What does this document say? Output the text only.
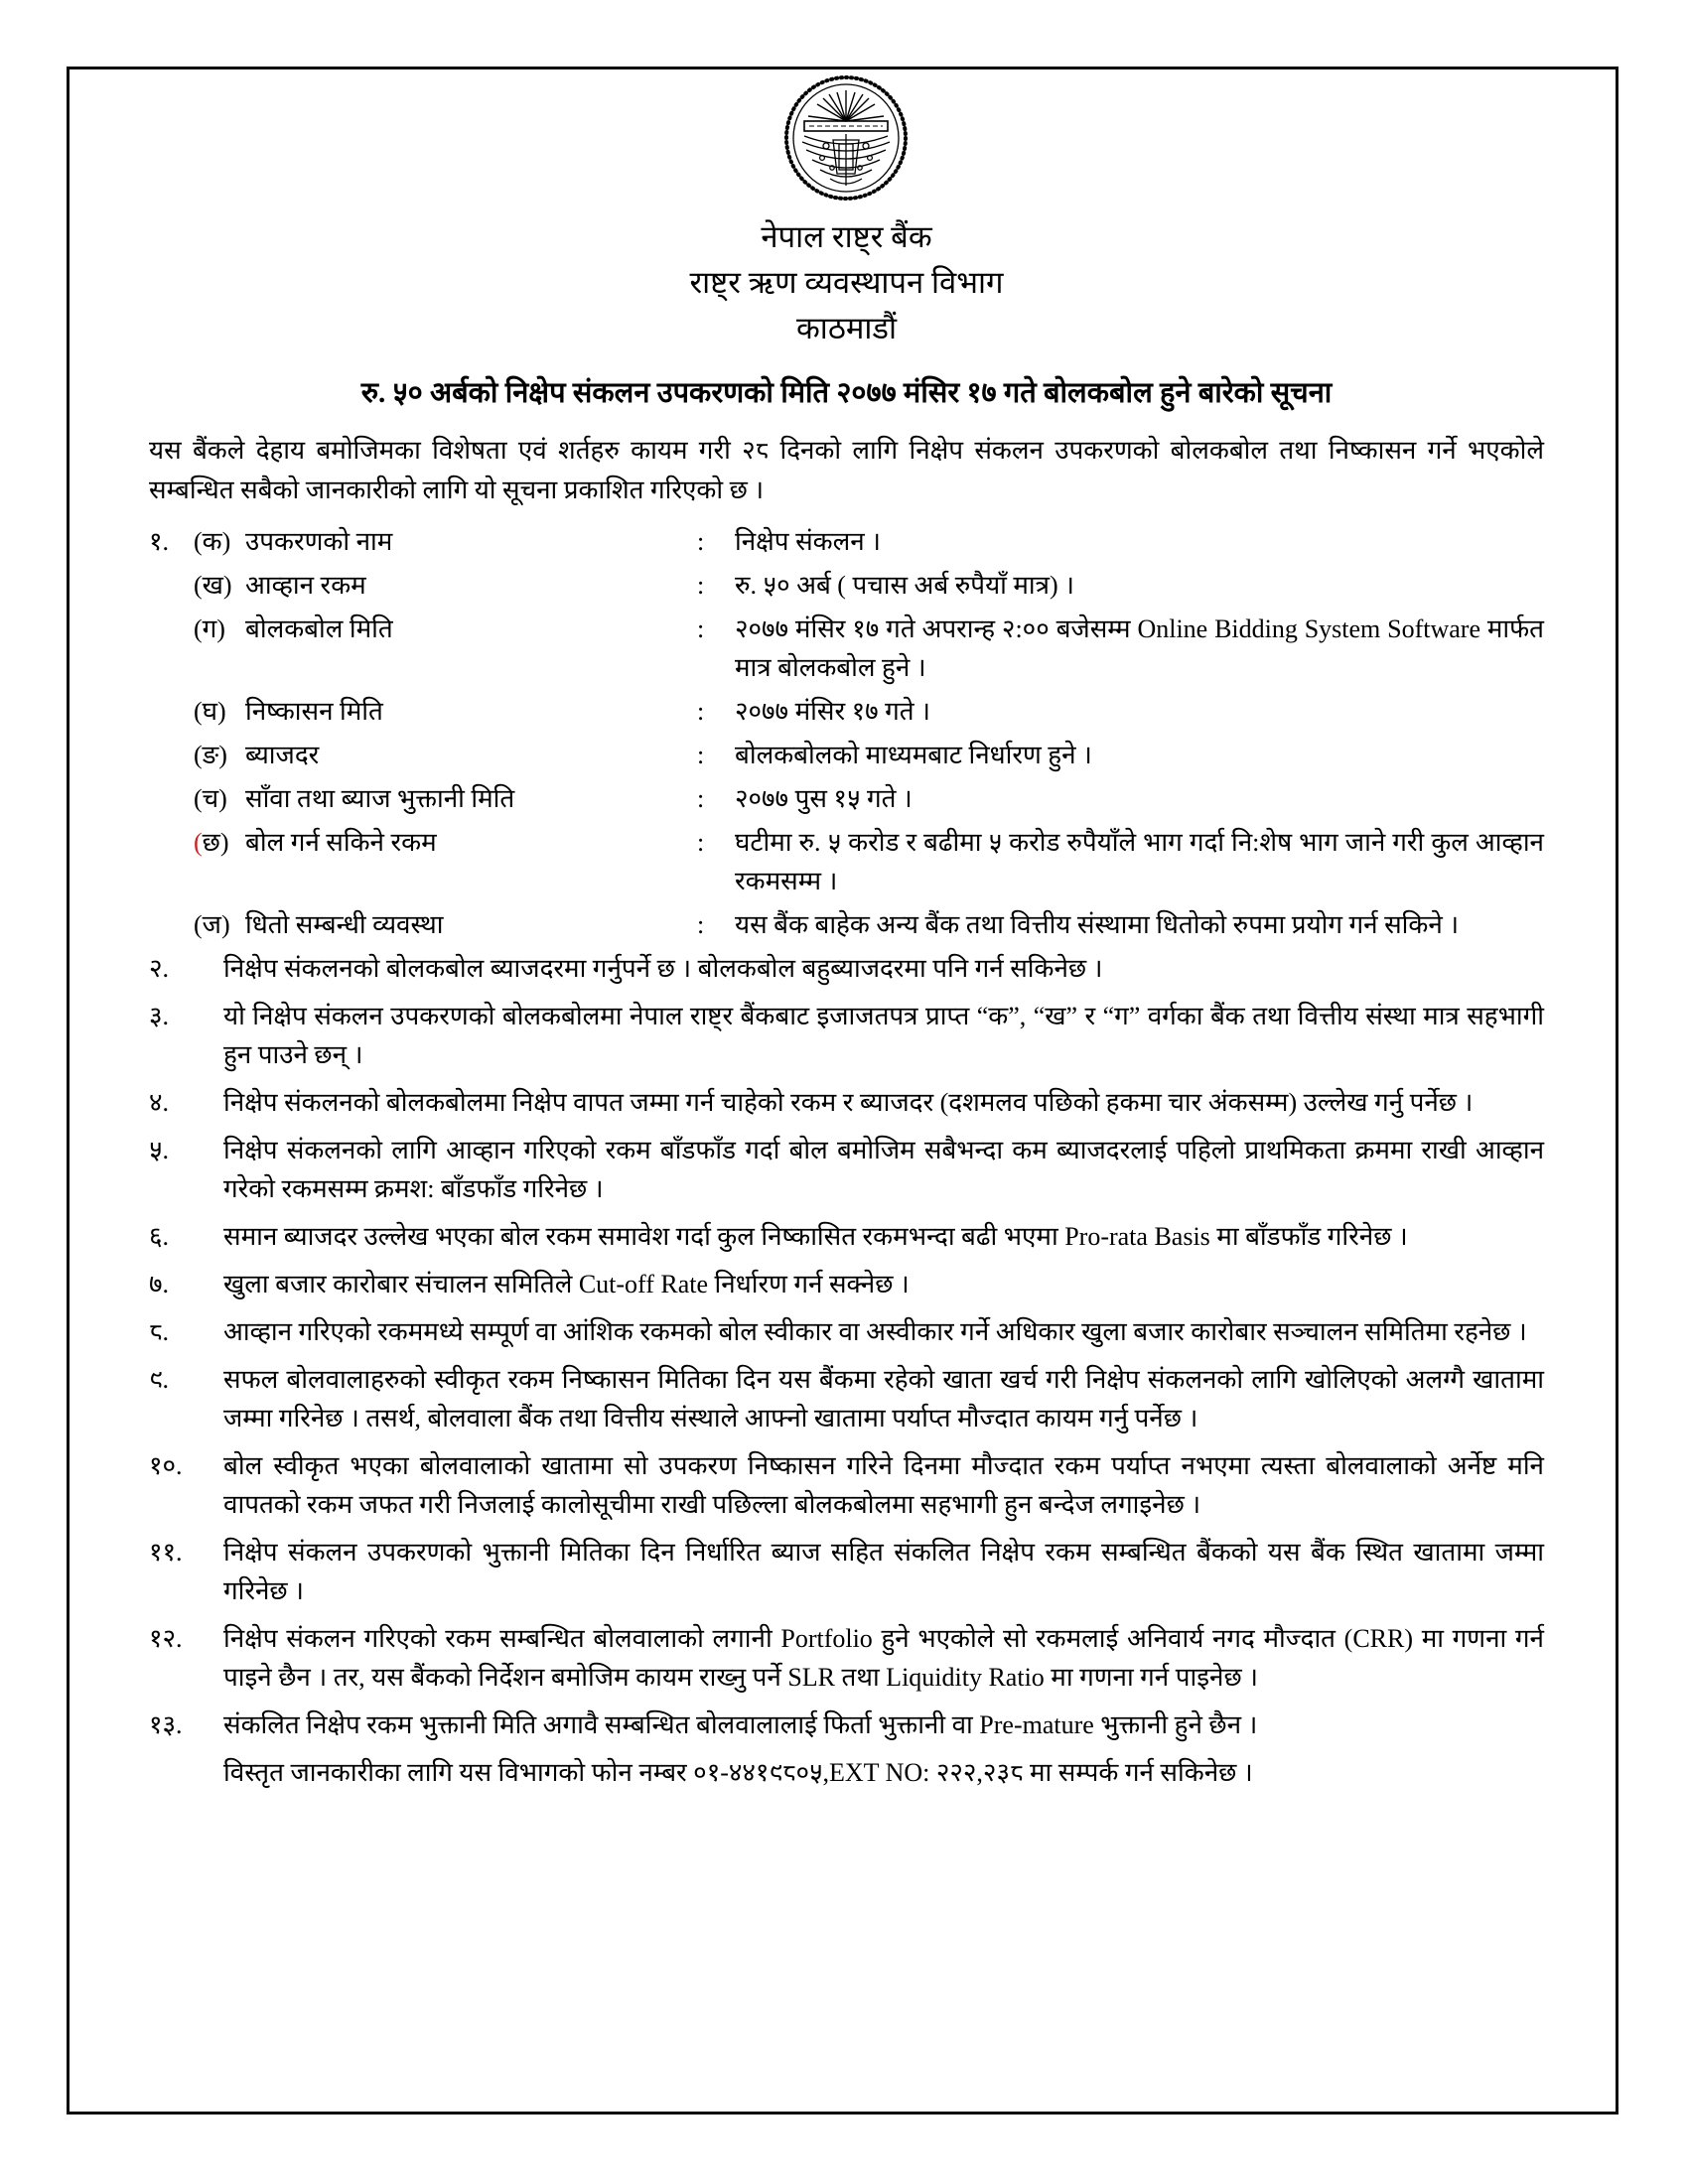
नेपाल राष्ट्र बैंक
राष्ट्र ऋण व्यवस्थापन विभाग
काठमाडौं
रु. ५० अर्बको निक्षेप संकलन उपकरणको मिति २०७७ मंसिर १७ गते बोलकबोल हुने बारेको सूचना

यस बैंकले देहाय बमोजिमका विशेषता एवं शर्तहरु कायम गरी २८ दिनको लागि निक्षेप संकलन उपकरणको बोलकबोल तथा निष्कासन गर्ने भएकोले सम्बन्धित सबैको जानकारीको लागि यो सूचना प्रकाशित गरिएको छ ।

१. (क) उपकरणको नाम	:	निक्षेप संकलन ।
(ख) आव्हान रकम	:	रु. ५० अर्ब ( पचास अर्ब रुपैयाँ मात्र) ।
(ग) बोलकबोल मिति	:	२०७७ मंसिर १७ गते अपरान्ह २:०० बजेसम्म Online Bidding System Software मार्फत मात्र बोलकबोल हुने ।
(घ) निष्कासन मिति	:	२०७७ मंसिर १७ गते ।
(ङ) ब्याजदर	:	बोलकबोलको माध्यमबाट निर्धारण हुने ।
(च) साँवा तथा ब्याज भुक्तानी मिति	:	२०७७ पुस १५ गते ।
(छ) बोल गर्न सकिने रकम	:	घटीमा रु. ५ करोड र बढीमा ५ करोड रुपैयाँले भाग गर्दा नि:शेष भाग जाने गरी कुल आव्हान रकमसम्म ।
(ज) धितो सम्बन्धी व्यवस्था	:	यस बैंक बाहेक अन्य बैंक तथा वित्तीय संस्थामा धितोको रुपमा प्रयोग गर्न सकिने ।
२.	निक्षेप संकलनको बोलकबोल ब्याजदरमा गर्नुपर्ने छ । बोलकबोल बहुब्याजदरमा पनि गर्न सकिनेछ ।
३.	यो निक्षेप संकलन उपकरणको बोलकबोलमा नेपाल राष्ट्र बैंकबाट इजाजतपत्र प्राप्त “क”, “ख” र “ग” वर्गका बैंक तथा वित्तीय संस्था मात्र सहभागी हुन पाउने छन् ।
४.	निक्षेप संकलनको बोलकबोलमा निक्षेप वापत जम्मा गर्न चाहेको रकम र ब्याजदर (दशमलव पछिको हकमा चार अंकसम्म) उल्लेख गर्नु पर्नेछ ।
५.	निक्षेप संकलनको लागि आव्हान गरिएको रकम बाँडफाँड गर्दा बोल बमोजिम सबैभन्दा कम ब्याजदरलाई पहिलो प्राथमिकता क्रममा राखी आव्हान गरेको रकमसम्म क्रमश: बाँडफाँड गरिनेछ ।
६.	समान ब्याजदर उल्लेख भएका बोल रकम समावेश गर्दा कुल निष्कासित रकमभन्दा बढी भएमा Pro-rata Basis मा बाँडफाँड गरिनेछ ।
७.	खुला बजार कारोबार संचालन समितिले Cut-off Rate निर्धारण गर्न सक्नेछ ।
८.	आव्हान गरिएको रकममध्ये सम्पूर्ण वा आंशिक रकमको बोल स्वीकार वा अस्वीकार गर्ने अधिकार खुला बजार कारोबार सञ्चालन समितिमा रहनेछ ।
९.	सफल बोलवालाहरुको स्वीकृत रकम निष्कासन मितिका दिन यस बैंकमा रहेको खाता खर्च गरी निक्षेप संकलनको लागि खोलिएको अलग्गै खातामा जम्मा गरिनेछ । तसर्थ, बोलवाला बैंक तथा वित्तीय संस्थाले आफ्नो खातामा पर्याप्त मौज्दात कायम गर्नु पर्नेछ ।
१०.	बोल स्वीकृत भएका बोलवालाको खातामा सो उपकरण निष्कासन गरिने दिनमा मौज्दात रकम पर्याप्त नभएमा त्यस्ता बोलवालाको अर्नेष्ट मनि वापतको रकम जफत गरी निजलाई कालोसूचीमा राखी पछिल्ला बोलकबोलमा सहभागी हुन बन्देज लगाइनेछ ।
११.	निक्षेप संकलन उपकरणको भुक्तानी मितिका दिन निर्धारित ब्याज सहित संकलित निक्षेप रकम सम्बन्धित बैंकको यस बैंक स्थित खातामा जम्मा गरिनेछ ।
१२.	निक्षेप संकलन गरिएको रकम सम्बन्धित बोलवालाको लगानी Portfolio हुने भएकोले सो रकमलाई अनिवार्य नगद मौज्दात (CRR) मा गणना गर्न पाइने छैन । तर, यस बैंकको निर्देशन बमोजिम कायम राख्नु पर्ने SLR तथा Liquidity Ratio मा गणना गर्न पाइनेछ ।
१३.	संकलित निक्षेप रकम भुक्तानी मिति अगावै सम्बन्धित बोलवालालाई फिर्ता भुक्तानी वा Pre-mature भुक्तानी हुने छैन ।

विस्तृत जानकारीका लागि यस विभागको फोन नम्बर ०१-४४१९८०५,EXT NO: २२२,२३८ मा सम्पर्क गर्न सकिनेछ ।
